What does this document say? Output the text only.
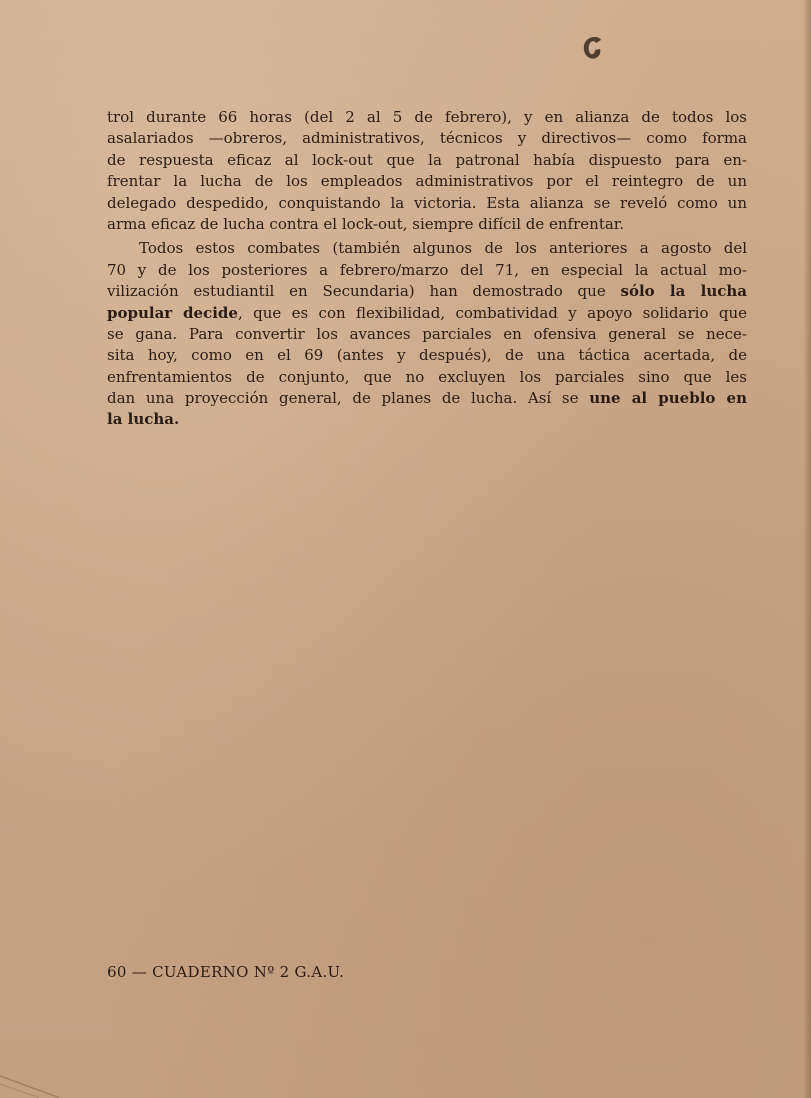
trol durante 66 horas (del 2 al 5 de febrero), y en alianza de todos los
asalariados —obreros, administrativos, técnicos y directivos— como forma
de respuesta eficaz al lock-out que la patronal había dispuesto para en-
frentar la lucha de los empleados administrativos por el reintegro de un
delegado despedido, conquistando la victoria. Esta alianza se reveló como un
arma eficaz de lucha contra el lock-out, siempre difícil de enfrentar.
Todos estos combates (también algunos de los anteriores a agosto del
70 y de los posteriores a febrero/marzo del 71, en especial la actual mo-
vilización estudiantil en Secundaria) han demostrado que sólo la lucha
popular decide, que es con flexibilidad, combatividad y apoyo solidario que
se gana. Para convertir los avances parciales en ofensiva general se nece-
sita hoy, como en el 69 (antes y después), de una táctica acertada, de
enfrentamientos de conjunto, que no excluyen los parciales sino que les
dan una proyección general, de planes de lucha. Así se une al pueblo en
la lucha.
60 — CUADERNO Nº 2 G.A.U.
